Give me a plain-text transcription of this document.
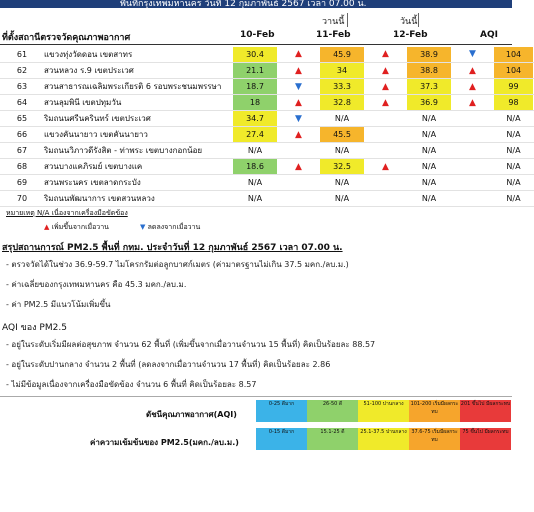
พื้นที่กรุงเทพมหานคร วันที่ 12 กุมภาพันธ์ 2567 เวลา 07.00 น.
วานนี้	วันนี้
ที่ตั้งสถานีตรวจวัดคุณภาพอากาศ	10-Feb	11-Feb	12-Feb	AQI
61	แขวงทุ่งวัดดอน เขตสาทร	30.4	▲	45.9	▲	38.9	▼	104
62	สวนหลวง ร.9 เขตประเวศ	21.1	▲	34	▲	38.8	▲	104
63	สวนสาธารณเฉลิมพระเกียรติ 6 รอบพระชนมพรรษา	18.7	▼	33.3	▲	37.3	▲	99
64	สวนลุมพินี เขตปทุมวัน	18	▲	32.8	▲	36.9	▲	98
65	ริมถนนศรีนครินทร์ เขตประเวศ	34.7	▼	N/A		N/A		N/A
66	แขวงคันนายาว เขตคันนายาว	27.4	▲	45.5		N/A		N/A
67	ริมถนนวิภาวดีรังสิต - ท่าพระ เขตบางกอกน้อย	N/A		N/A		N/A		N/A
68	สวนบางแคภิรมย์ เขตบางแค	18.6	▲	32.5	▲	N/A		N/A
69	สวนพระนคร เขตลาดกระบัง	N/A		N/A		N/A		N/A
70	ริมถนนพัฒนาการ เขตสวนหลวง	N/A		N/A		N/A		N/A
หมายเหตุ N/A เนื่องจากเครื่องมือขัดข้อง
▲ เพิ่มขึ้นจากเมื่อวาน	▼ ลดลงจากเมื่อวาน
สรุปสถานการณ์ PM2.5 พื้นที่ กทม. ประจำวันที่ 12 กุมภาพันธ์ 2567 เวลา 07.00 น.
- ตรวจวัดได้ในช่วง 36.9-59.7 ไมโครกรัมต่อลูกบาศก์เมตร (ค่ามาตรฐานไม่เกิน 37.5 มคก./ลบ.ม.)
- ค่าเฉลี่ยของกรุงเทพมหานคร คือ 45.3 มคก./ลบ.ม.
- ค่า PM2.5 มีแนวโน้มเพิ่มขึ้น
AQI ของ PM2.5
- อยู่ในระดับเริ่มมีผลต่อสุขภาพ จำนวน 62 พื้นที่ (เพิ่มขึ้นจากเมื่อวานจำนวน 15 พื้นที่) คิดเป็นร้อยละ 88.57
- อยู่ในระดับปานกลาง จำนวน 2 พื้นที่ (ลดลงจากเมื่อวานจำนวน 17 พื้นที่) คิดเป็นร้อยละ 2.86
- ไม่มีข้อมูลเนื่องจากเครื่องมือขัดข้อง จำนวน 6 พื้นที่ คิดเป็นร้อยละ 8.57
ดัชนีคุณภาพอากาศ(AQI)
ค่าความเข้มข้นของ PM2.5(มคก./ลบ.ม.)
0-25 ดีมาก	26-50 ดี	51-100 ปานกลาง	101-200 เริ่มมีผลกระทบ
201 ขึ้นไป มีผลกระทบ
0-15 ดีมาก	15.1-25 ดี	25.1-37.5 ปานกลาง 37.6-75 เริ่มมีผลกระทบ
75 ขึ้นไป มีผลกระทบ
